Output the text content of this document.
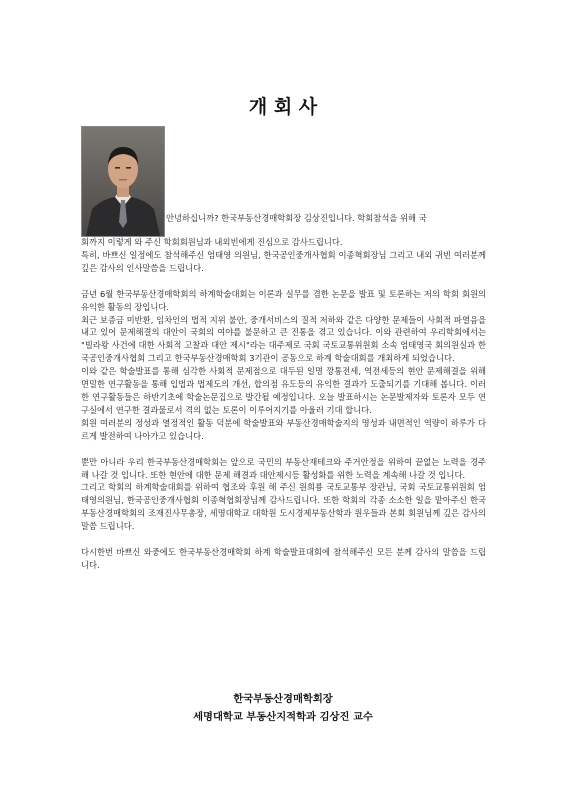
개 회 사
안녕하십니까? 한국부동산경매학회장 김상진입니다. 학회참석을 위해 국

회까지 이렇게 와 주신 학회회원님과 내외빈에게 진심으로 감사드립니다.

특히, 바쁘신 일정에도 참석해주신 엄태영 의원님, 한국공인중개사협회 이종혁회장님 그리고 내외 귀빈 여러분께 깊은 감사의 인사말씀을 드립니다.

금년 6월 한국부동산경매학회의 하계학술대회는 이론과 실무를 겸한 논문을 발표 및 토론하는 저의 학회 회원의 유익한 활동의 장입니다.

최근 보증금 미반환, 임차인의 법적 지위 불안, 중개서비스의 질적 저하와 같은 다양한 문제들이 사회적 파열음을 내고 있어 문제해결의 대안이 국회의 여야를 불문하고 큰 진통을 겪고 있습니다. 이와 관련하여 우리학회에서는 "빌라왕 사건에 대한 사회적 고찰과 대안 제시"라는 대주제로 국회 국토교통위원회 소속 엄태영국 회의원실과 한국공인중개사협회 그리고 한국부동산경매학회 3기관이 공동으로 하계 학술대회를 개최하게 되었습니다.

이와 같은 학술발표를 통해 심각한 사회적 문제점으로 대두된 일명 깡통전세, 역전세등의 현안 문제해결을 위해 면밀한 연구활동을 통해 입법과 법제도의 개선, 합의점 유도등의 유익한 결과가 도출되기를 기대해 봅니다. 이러한 연구활동들은 하반기초에 학술논문집으로 발간될 예정입니다. 오늘 발표하시는 논문발제자와 토론자 모두 연구실에서 연구한 결과물로서 격의 없는 토론이 이루어지기를 아울러 기대 합니다.

회원 여러분의 정성과 열정적인 활동 덕분에 학술발표와 부동산경매학술지의 명성과 내면적인 역량이 하루가 다르게 발전하여 나아가고 있습니다.

뿐만 아니라 우리 한국부동산경매학회는 앞으로 국민의 부동산재테크와 주거안정을 위하여 끝없는 노력을 경주해 나갈 것 입니다. 또한 현안에 대한 문제 해결과 대안제시등 활성화를 위한 노력을 계속해 나갈 것 입니다.

그리고 학회의 하계학술대회를 위하여 협조와 후원 해 주신 원희룡 국토교통부 장관님, 국회 국토교통위원회 엄태영의원님, 한국공인중개사협회 이종혁협회장님께 감사드립니다. 또한 학회의 각종 소소한 일을 맡아주신 한국부동산경매학회의 조재진사무총장, 세명대학교 대학원 도시경제부동산학과 원우들과 본회 회원님께 깊은 감사의 말씀 드립니다.

다시한번 바쁘신 와중에도 한국부동산경매학회 하계 학술발표대회에 참석해주신 모든 분께 감사의 말씀을 드립니다.

한국부동산경매학회장
세명대학교 부동산지적학과 김상진 교수
